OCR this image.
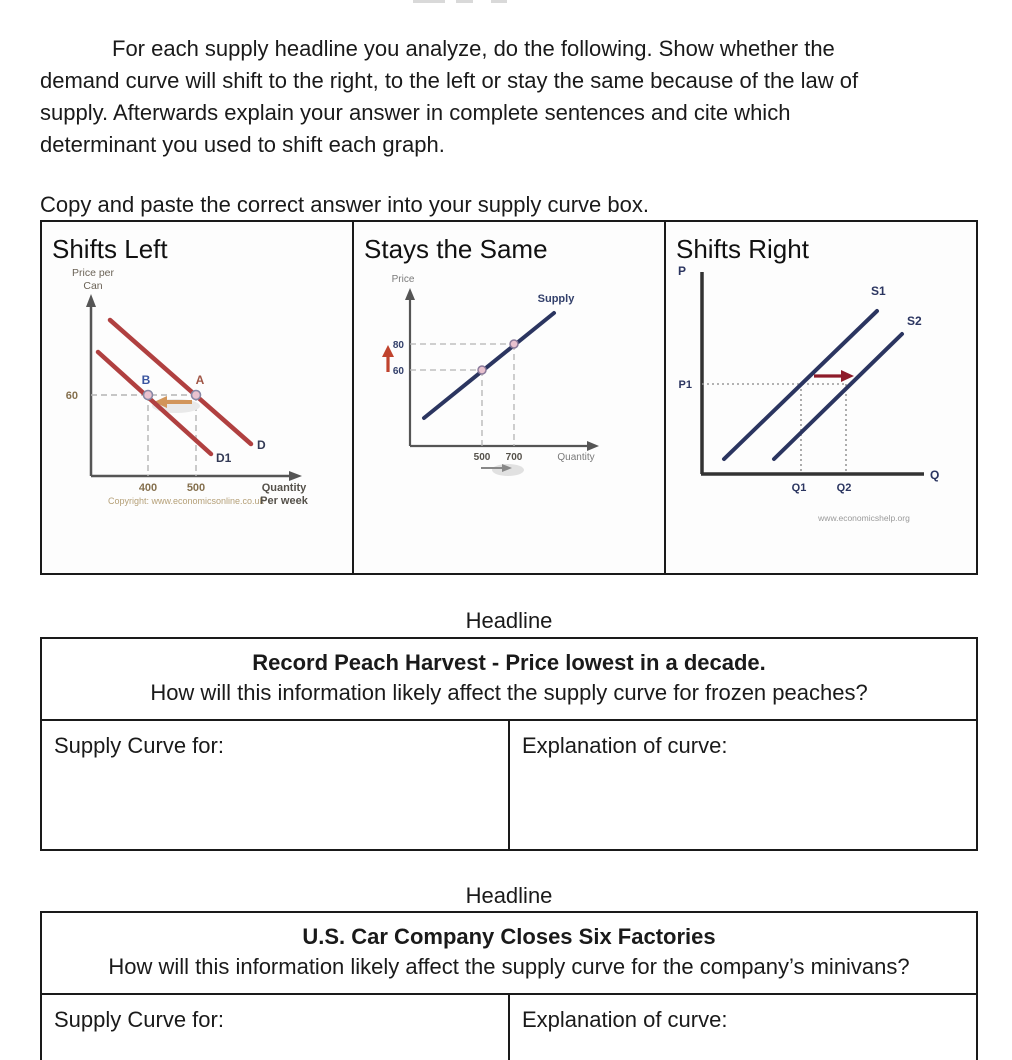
For each supply headline you analyze, do the following. Show whether the
demand curve will shift to the right, to the left or stay the same because of the law of
supply. Afterwards explain your answer in complete sentences and cite which
determinant you used to shift each graph.
Copy and paste the correct answer into your supply curve box.
Shifts Left
Price per
Can
60
B	A
D1
D
400	500
Copyright: www.economicsonline.co.uk
Quantity
Per week
Stays the Same
Price
Supply
80
60
500 700	Quantity
Shifts Right
P
S1
S2
P1
Q1	Q2
Q
www.economicshelp.org
Headline
Record Peach Harvest - Price lowest in a decade.
How will this information likely affect the supply curve for frozen peaches?
Supply Curve for:	Explanation of curve:
Headline
U.S. Car Company Closes Six Factories
How will this information likely affect the supply curve for the company’s minivans?
Supply Curve for:	Explanation of curve:
